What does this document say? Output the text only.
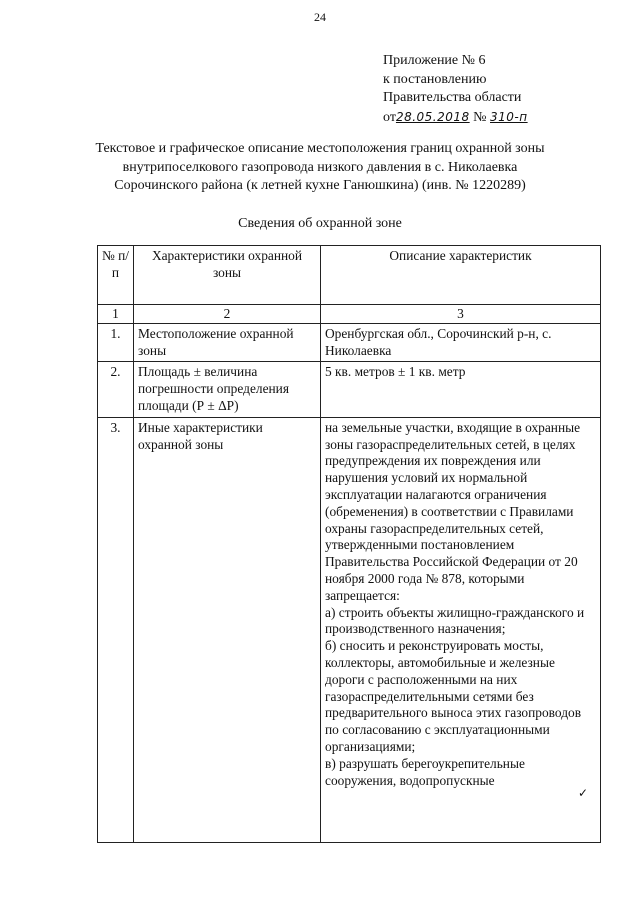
24
Приложение № 6
к постановлению
Правительства области
от28.05.2018 № 310-п
Текстовое и графическое описание местоположения границ охранной зоны внутрипоселкового газопровода низкого давления в с. Николаевка Сорочинского района (к летней кухне Ганюшкина) (инв. № 1220289)
Сведения об охранной зоне
№ п/п	Характеристики охранной зоны	Описание характеристик
1	2	3
1.	Местоположение охранной зоны	Оренбургская обл., Сорочинский р-н, с. Николаевка
2.	Площадь ± величина погрешности определения площади (Р ± ΔР)	5 кв. метров ± 1 кв. метр
3.	Иные характеристики охранной зоны	на земельные участки, входящие в охранные зоны газораспределительных сетей, в целях предупреждения их повреждения или нарушения условий их нормальной эксплуатации налагаются ограничения (обременения) в соответствии с Правилами охраны газораспределительных сетей, утвержденными постановлением Правительства Российской Федерации от 20 ноября 2000 года № 878, которыми запрещается:
а) строить объекты жилищно-гражданского и производственного назначения;
б) сносить и реконструировать мосты, коллекторы, автомобильные и железные дороги с расположенными на них газораспределительными сетями без предварительного выноса этих газопроводов по согласованию с эксплуатационными организациями;
в) разрушать берегоукрепительные сооружения, водопропускные
✓
